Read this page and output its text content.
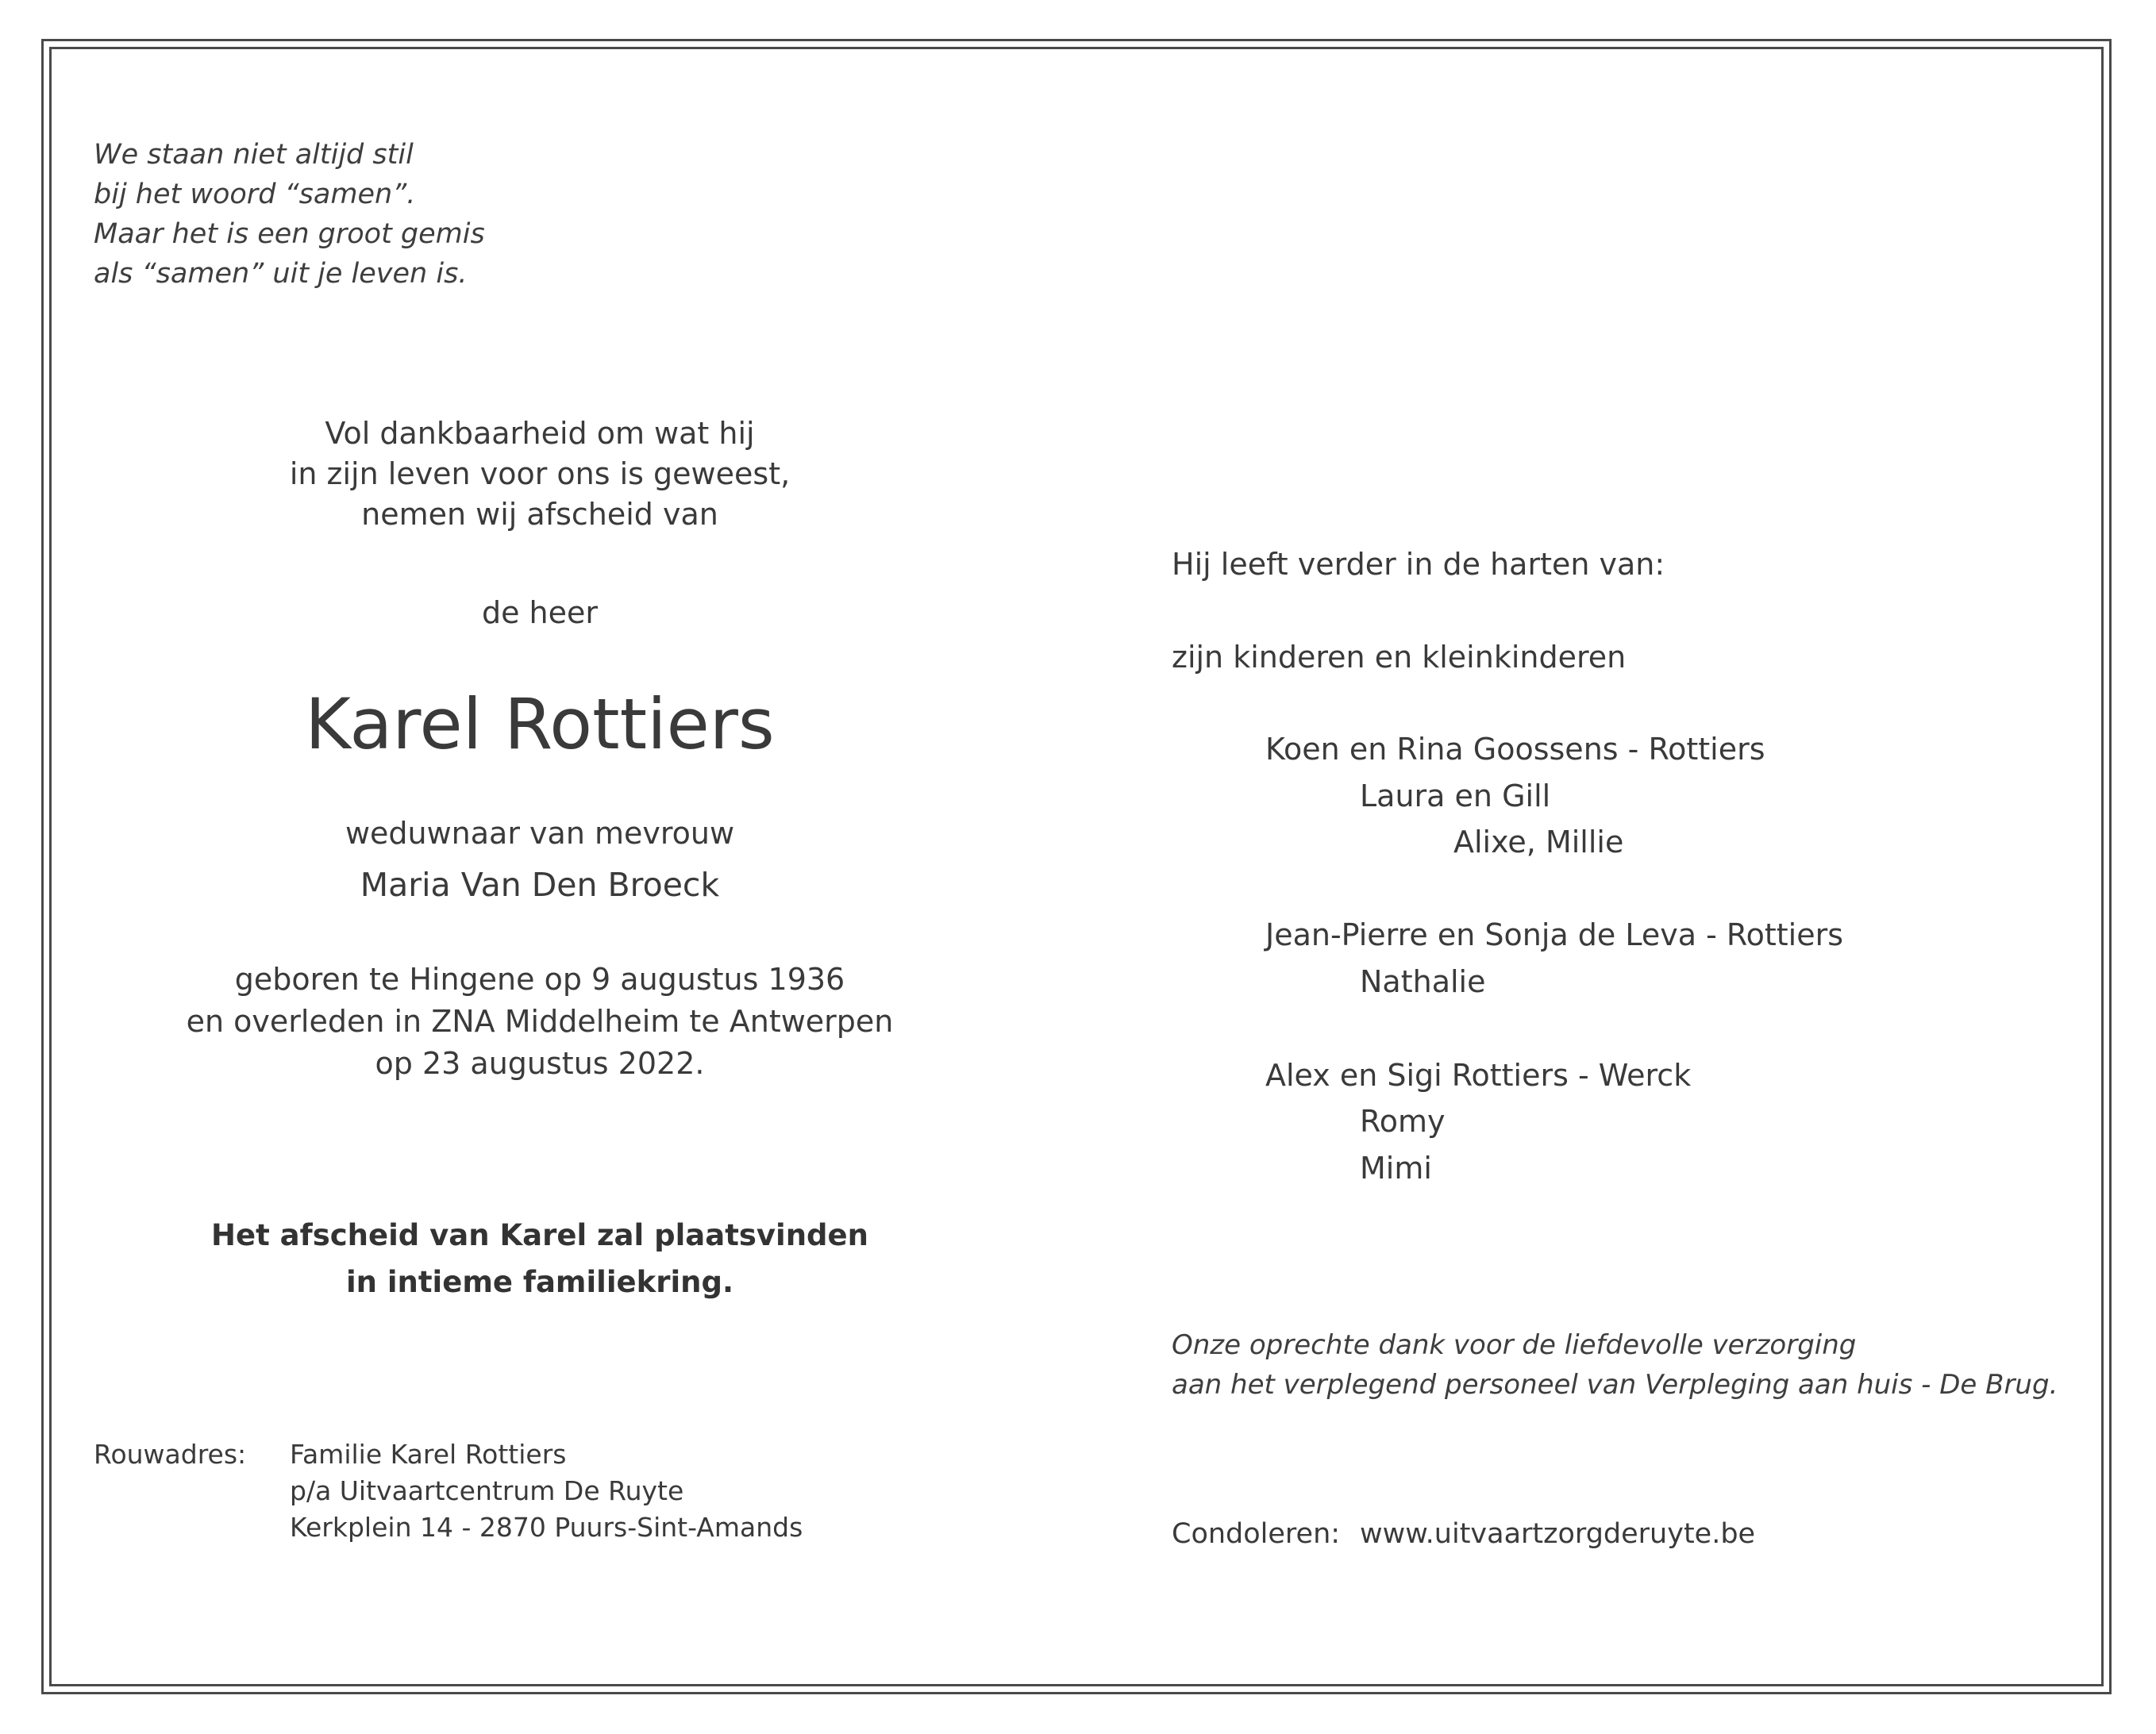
We staan niet altijd stil
bij het woord “samen”.
Maar het is een groot gemis
als “samen” uit je leven is.
Vol dankbaarheid om wat hij
in zijn leven voor ons is geweest,
nemen wij afscheid van
de heer
Karel Rottiers
weduwnaar van mevrouw
Maria Van Den Broeck
geboren te Hingene op 9 augustus 1936
en overleden in ZNA Middelheim te Antwerpen
op 23 augustus 2022.
Het afscheid van Karel zal plaatsvinden
in intieme familiekring.
Rouwadres: Familie Karel Rottiers
p/a Uitvaartcentrum De Ruyte
Kerkplein 14 - 2870 Puurs-Sint-Amands
Hij leeft verder in de harten van:
zijn kinderen en kleinkinderen
Koen en Rina Goossens - Rottiers
Laura en Gill
Alixe, Millie
Jean-Pierre en Sonja de Leva - Rottiers
Nathalie
Alex en Sigi Rottiers - Werck
Romy
Mimi
Onze oprechte dank voor de liefdevolle verzorging
aan het verplegend personeel van Verpleging aan huis - De Brug.
Condoleren: www.uitvaartzorgderuyte.be
